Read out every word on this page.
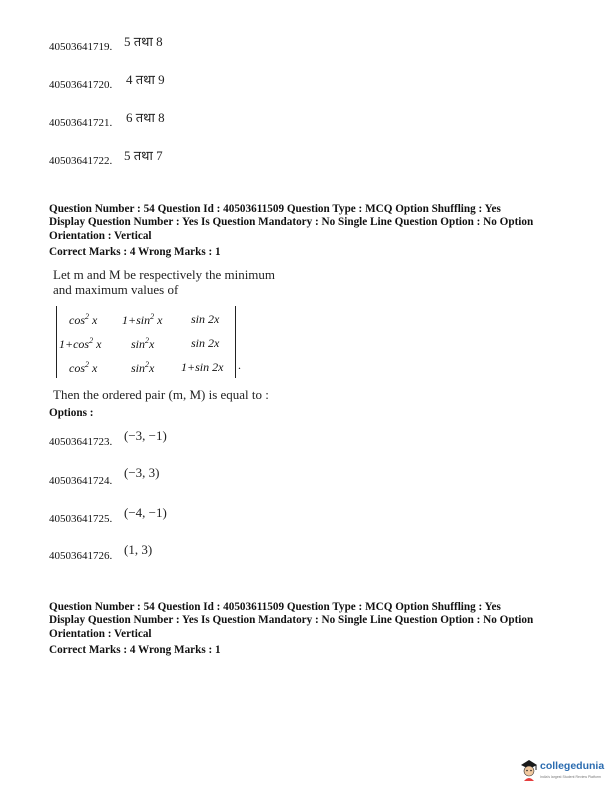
40503641719. 5 तथा 8
40503641720. 4 तथा 9
40503641721. 6 तथा 8
40503641722. 5 तथा 7
Question Number : 54 Question Id : 40503611509 Question Type : MCQ Option Shuffling : Yes
Display Question Number : Yes Is Question Mandatory : No Single Line Question Option : No Option
Orientation : Vertical
Correct Marks : 4 Wrong Marks : 1
Let m and M be respectively the minimum
and maximum values of
$\cos^2 x$ $1+\sin^2$ x sin 2x
$1+\cos^2$ x $\sin^2x$	sin 2x
$\cos^2 x$	$\sin^2x$ 1+sin 2x .
Then the ordered pair (m, M) is equal to :
Options :
40503641723. (−3, −1)
40503641724.
(−3, 3)
40503641725. (−4, −1)
40503641726. (1, 3)
Question Number : 54 Question Id : 40503611509 Question Type : MCQ Option Shuffling : Yes
Display Question Number : Yes Is Question Mandatory : No Single Line Question Option : No Option
Orientation : Vertical
Correct Marks : 4 Wrong Marks : 1
collegedunia
India's largest Student Review Platform
